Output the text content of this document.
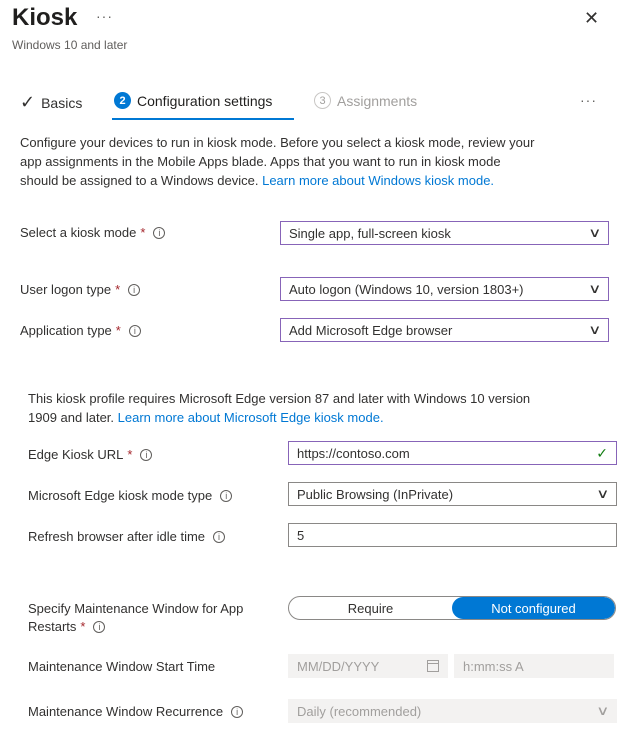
Kiosk ···
Windows 10 and later
✕
✓ Basics	2 Configuration settings	3 Assignments	···
Configure your devices to run in kiosk mode. Before you select a kiosk mode, review your
app assignments in the Mobile Apps blade. Apps that you want to run in kiosk mode
should be assigned to a Windows device. Learn more about Windows kiosk mode.
Select a kiosk mode *	i	Single app, full-screen kiosk	∨
User logon type *	i	Auto logon (Windows 10, version 1803+)	∨
Application type *	i	Add Microsoft Edge browser	∨
This kiosk profile requires Microsoft Edge version 87 and later with Windows 10 version
1909 and later. Learn more about Microsoft Edge kiosk mode.
Edge Kiosk URL *	i	https://contoso.com	✓
Microsoft Edge kiosk mode type	i	Public Browsing (InPrivate)	∨
Refresh browser after idle time	i	5
Specify Maintenance Window for App
Restarts *	i
Require	Not configured
Maintenance Window Start Time	MM/DD/YYYY	h:mm:ss A
Maintenance Window Recurrence	i	Daily (recommended)	∨
